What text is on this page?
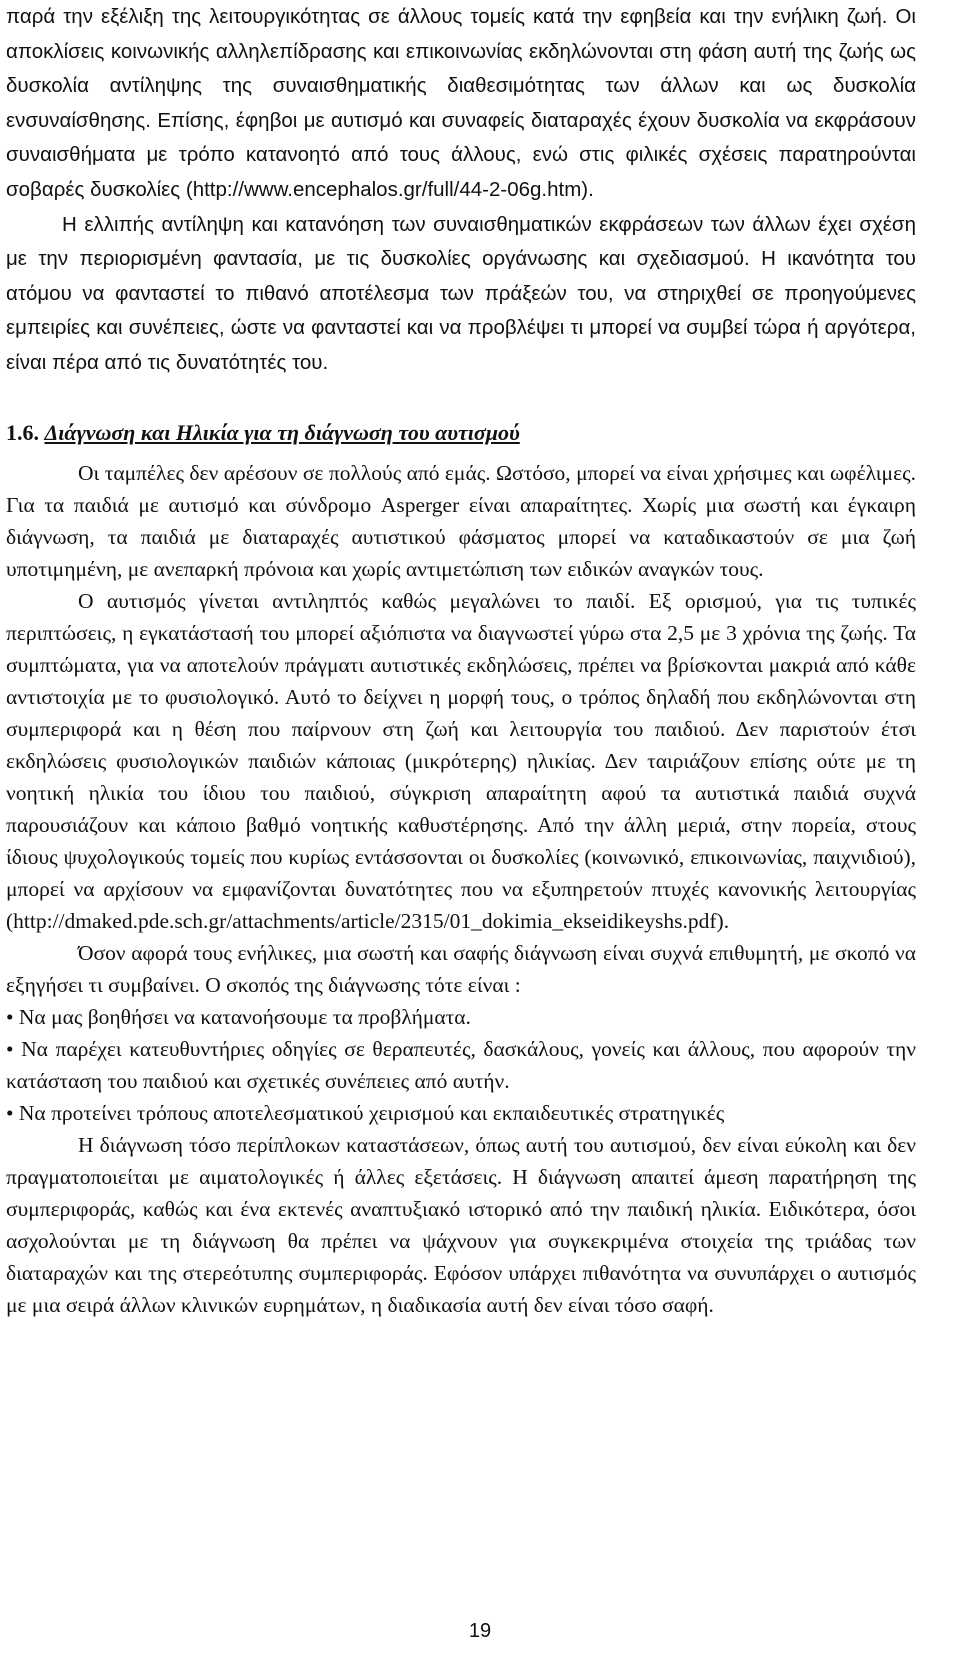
παρά την εξέλιξη της λειτουργικότητας σε άλλους τομείς κατά την εφηβεία και την ενήλικη ζωή. Οι αποκλίσεις κοινωνικής αλληλεπίδρασης και επικοινωνίας εκδηλώνονται στη φάση αυτή της ζωής ως δυσκολία αντίληψης της συναισθηματικής διαθεσιμότητας των άλλων και ως δυσκολία ενσυναίσθησης. Επίσης, έφηβοι με αυτισμό και συναφείς διαταραχές έχουν δυσκολία να εκφράσουν συναισθήματα με τρόπο κατανοητό από τους άλλους, ενώ στις φιλικές σχέσεις παρατηρούνται σοβαρές δυσκολίες (http://www.encephalos.gr/full/44-2-06g.htm).

Η ελλιπής αντίληψη και κατανόηση των συναισθηματικών εκφράσεων των άλλων έχει σχέση με την περιορισμένη φαντασία, με τις δυσκολίες οργάνωσης και σχεδιασμού. Η ικανότητα του ατόμου να φανταστεί το πιθανό αποτέλεσμα των πράξεών του, να στηριχθεί σε προηγούμενες εμπειρίες και συνέπειες, ώστε να φανταστεί και να προβλέψει τι μπορεί να συμβεί τώρα ή αργότερα, είναι πέρα από τις δυνατότητές του.

1.6. Διάγνωση και Ηλικία για τη διάγνωση του αυτισμού

Οι ταμπέλες δεν αρέσουν σε πολλούς από εμάς. Ωστόσο, μπορεί να είναι χρήσιμες και ωφέλιμες. Για τα παιδιά με αυτισμό και σύνδρομο Asperger είναι απαραίτητες. Χωρίς μια σωστή και έγκαιρη διάγνωση, τα παιδιά με διαταραχές αυτιστικού φάσματος μπορεί να καταδικαστούν σε μια ζωή υποτιμημένη, με ανεπαρκή πρόνοια και χωρίς αντιμετώπιση των ειδικών αναγκών τους.

Ο αυτισμός γίνεται αντιληπτός καθώς μεγαλώνει το παιδί. Εξ ορισμού, για τις τυπικές περιπτώσεις, η εγκατάστασή του μπορεί αξιόπιστα να διαγνωστεί γύρω στα 2,5 με 3 χρόνια της ζωής. Τα συμπτώματα, για να αποτελούν πράγματι αυτιστικές εκδηλώσεις, πρέπει να βρίσκονται μακριά από κάθε αντιστοιχία με το φυσιολογικό. Αυτό το δείχνει η μορφή τους, ο τρόπος δηλαδή που εκδηλώνονται στη συμπεριφορά και η θέση που παίρνουν στη ζωή και λειτουργία του παιδιού. Δεν παριστούν έτσι εκδηλώσεις φυσιολογικών παιδιών κάποιας (μικρότερης) ηλικίας. Δεν ταιριάζουν επίσης ούτε με τη νοητική ηλικία του ίδιου του παιδιού, σύγκριση απαραίτητη αφού τα αυτιστικά παιδιά συχνά παρουσιάζουν και κάποιο βαθμό νοητικής καθυστέρησης. Από την άλλη μεριά, στην πορεία, στους ίδιους ψυχολογικούς τομείς που κυρίως εντάσσονται οι δυσκολίες (κοινωνικό, επικοινωνίας, παιχνιδιού), μπορεί να αρχίσουν να εμφανίζονται δυνατότητες που να εξυπηρετούν πτυχές κανονικής λειτουργίας (http://dmaked.pde.sch.gr/attachments/article/2315/01_dokimia_ekseidikeyshs.pdf).

Όσον αφορά τους ενήλικες, μια σωστή και σαφής διάγνωση είναι συχνά επιθυμητή, με σκοπό να εξηγήσει τι συμβαίνει. Ο σκοπός της διάγνωσης τότε είναι :

• Να μας βοηθήσει να κατανοήσουμε τα προβλήματα.

• Να παρέχει κατευθυντήριες οδηγίες σε θεραπευτές, δασκάλους, γονείς και άλλους, που αφορούν την κατάσταση του παιδιού και σχετικές συνέπειες από αυτήν.

• Να προτείνει τρόπους αποτελεσματικού χειρισμού και εκπαιδευτικές στρατηγικές

Η διάγνωση τόσο περίπλοκων καταστάσεων, όπως αυτή του αυτισμού, δεν είναι εύκολη και δεν πραγματοποιείται με αιματολογικές ή άλλες εξετάσεις. Η διάγνωση απαιτεί άμεση παρατήρηση της συμπεριφοράς, καθώς και ένα εκτενές αναπτυξιακό ιστορικό από την παιδική ηλικία. Ειδικότερα, όσοι ασχολούνται με τη διάγνωση θα πρέπει να ψάχνουν για συγκεκριμένα στοιχεία της τριάδας των διαταραχών και της στερεότυπης συμπεριφοράς. Εφόσον υπάρχει πιθανότητα να συνυπάρχει ο αυτισμός με μια σειρά άλλων κλινικών ευρημάτων, η διαδικασία αυτή δεν είναι τόσο σαφή.

19
